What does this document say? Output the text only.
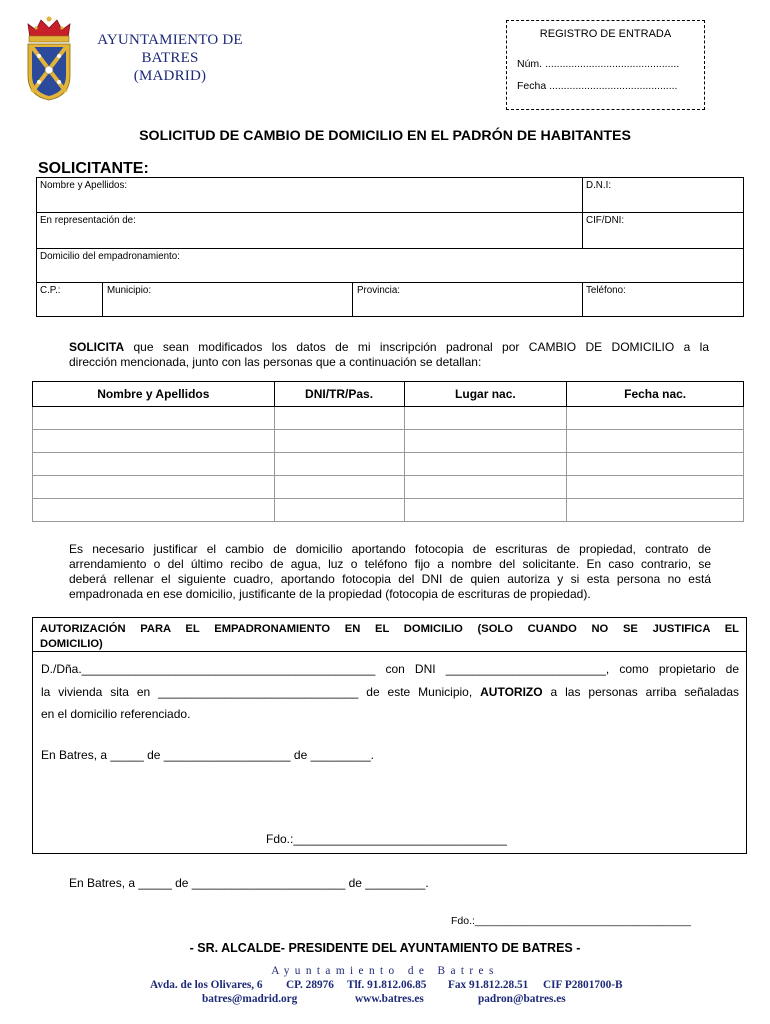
AYUNTAMIENTO DE
BATRES
(MADRID)
REGISTRO DE ENTRADA
Núm. ..............................................
Fecha ............................................
SOLICITUD DE CAMBIO DE DOMICILIO EN EL PADRÓN DE HABITANTES
SOLICITANTE:
Nombre y Apellidos:	D.N.I:
En representación de:	CIF/DNI:
Domicilio del empadronamiento:
C.P.:	Municipio:	Provincia:	Teléfono:
SOLICITA que sean modificados los datos de mi inscripción padronal por CAMBIO DE DOMICILIO a la
dirección mencionada, junto con las personas que a continuación se detallan:
Nombre y Apellidos	DNI/TR/Pas.	Lugar nac.	Fecha nac.

Es necesario justificar el cambio de domicilio aportando fotocopia de escrituras de propiedad, contrato de
arrendamiento o del último recibo de agua, luz o teléfono fijo a nombre del solicitante. En caso contrario, se
deberá rellenar el siguiente cuadro, aportando fotocopia del DNI de quien autoriza y si esta persona no está
empadronada en ese domicilio, justificante de la propiedad (fotocopia de escrituras de propiedad).
AUTORIZACIÓN PARA EL EMPADRONAMIENTO EN EL DOMICILIO (SOLO CUANDO NO SE JUSTIFICA EL
DOMICILIO)
D./Dña.____________________________________________ con DNI ________________________, como propietario de
la vivienda sita en ______________________________ de este Municipio, AUTORIZO a las personas arriba señaladas
en el domicilio referenciado.
En Batres, a _____ de ___________________ de _________.
Fdo.:________________________________
En Batres, a _____ de _______________________ de _________.
Fdo.:_____________________________________
- SR. ALCALDE- PRESIDENTE DEL AYUNTAMIENTO DE BATRES -
Ayuntamiento de Batres
Avda. de los Olivares, 6 CP. 28976 Tlf. 91.812.06.85 Fax 91.812.28.51 CIF P2801700-B
batres@madrid.org	www.batres.es	padron@batres.es
